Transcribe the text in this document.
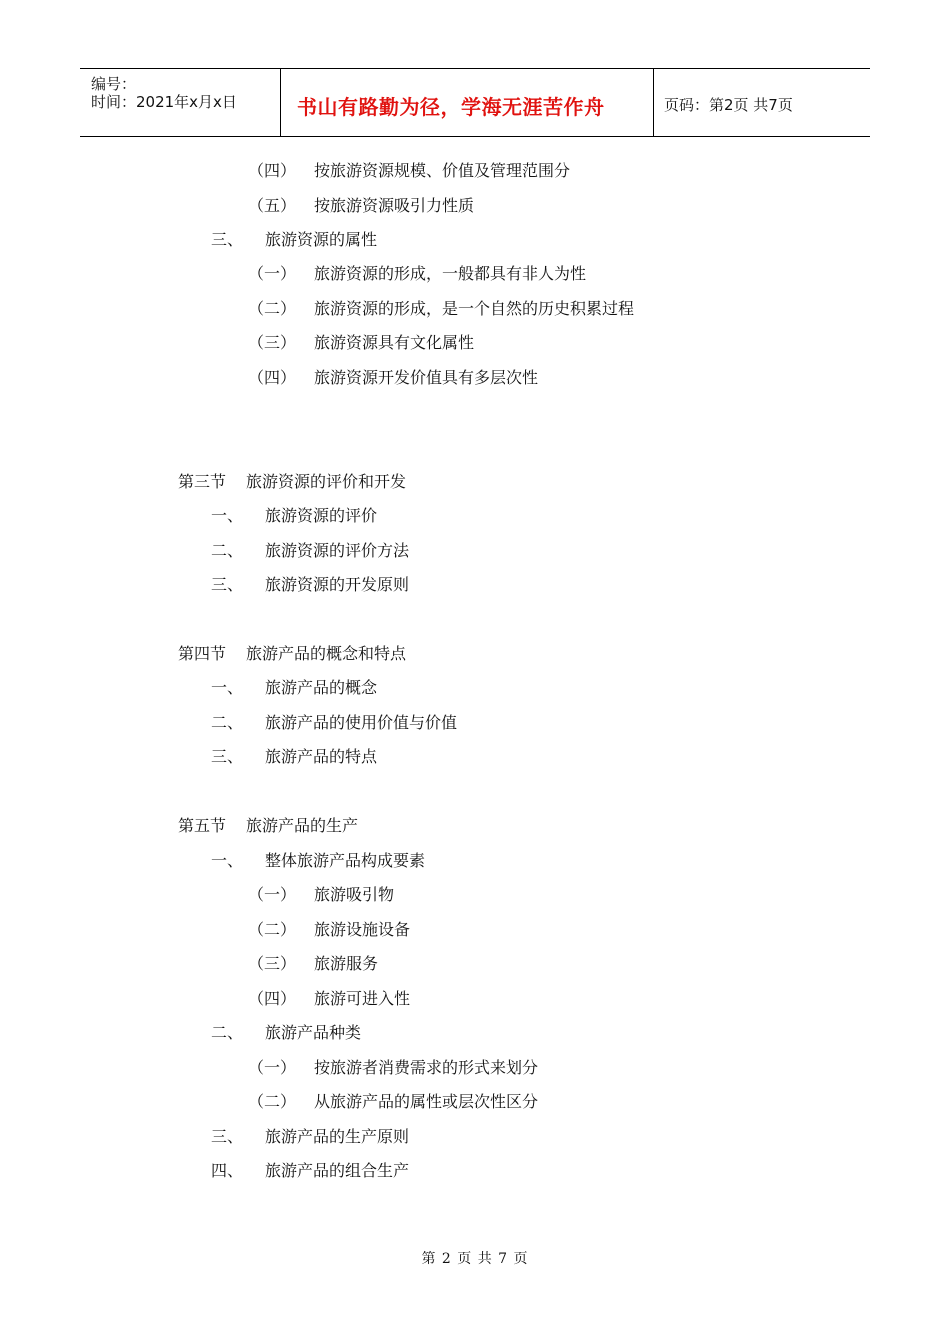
编号：
时间：2021年x月x日	书山有路勤为径，学海无涯苦作舟	页码：第2页 共7页
（四）	按旅游资源规模、价值及管理范围分
（五）	按旅游资源吸引力性质
三、	旅游资源的属性
（一）	旅游资源的形成，一般都具有非人为性
（二）	旅游资源的形成，是一个自然的历史积累过程
（三）	旅游资源具有文化属性
（四）	旅游资源开发价值具有多层次性
第三节	旅游资源的评价和开发
一、	旅游资源的评价
二、	旅游资源的评价方法
三、	旅游资源的开发原则
第四节	旅游产品的概念和特点
一、	旅游产品的概念
二、	旅游产品的使用价值与价值
三、	旅游产品的特点
第五节	旅游产品的生产
一、	整体旅游产品构成要素
（一）	旅游吸引物
（二）	旅游设施设备
（三）	旅游服务
（四）	旅游可进入性
二、	旅游产品种类
（一）	按旅游者消费需求的形式来划分
（二）	从旅游产品的属性或层次性区分
三、	旅游产品的生产原则
四、	旅游产品的组合生产
第 2 页 共 7 页
